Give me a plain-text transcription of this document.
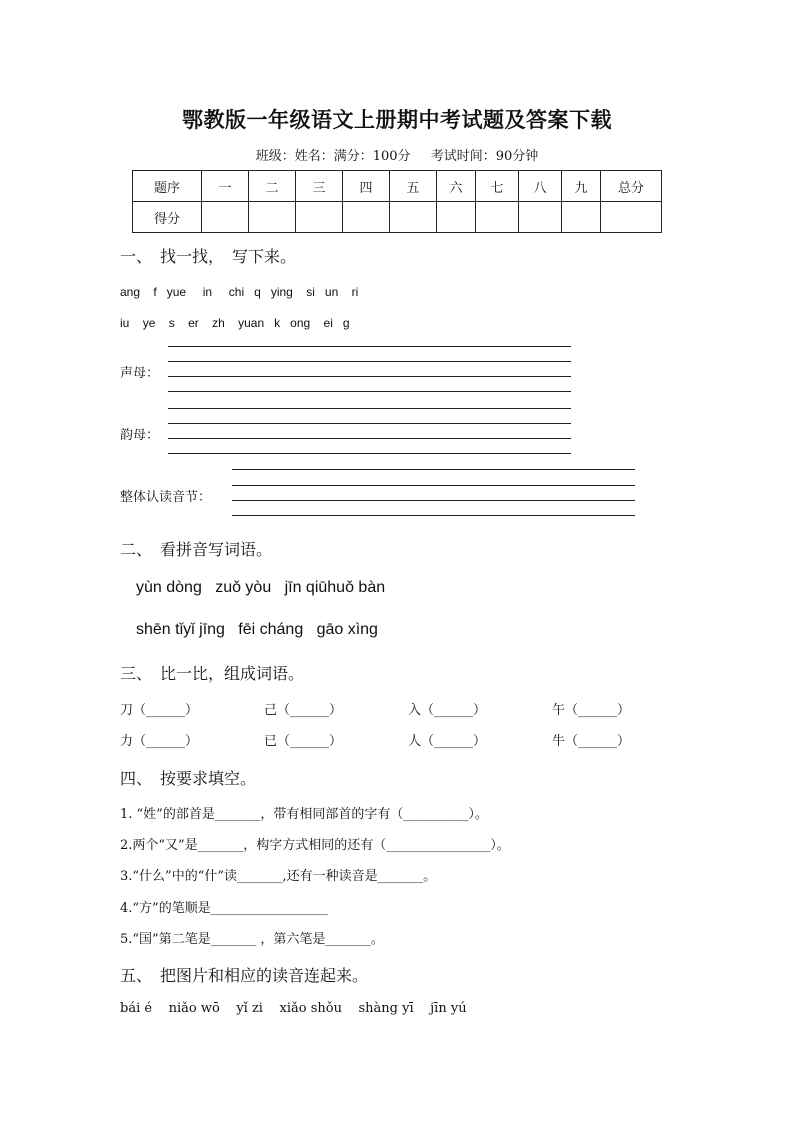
鄂教版一年级语文上册期中考试题及答案下载
班级：姓名：满分：100分 考试时间：90分钟
题序	一	二	三	四	五	六	七	八	九	总分
得分										
一、　找一找，　写下来。
ang f yue in chi q ying si un ri
iu ye s er zh yuan k ong ei g
声母：
韵母：
整体认读音节：
二、　看拼音写词语。
yùn dòng zuǒ yòu jīn qiūhuǒ bàn
shēn tǐyǐ jīng fēi cháng gāo xìng
三、　比一比，组成词语。
刀（______）	己（______）	入（______）	午（______）
力（______）	已（______）	人（______）	牛（______）
四、　按要求填空。
1. “姓”的部首是_______，带有相同部首的字有（__________）。
2.两个“又”是_______，构字方式相同的还有（________________）。
3.“什么”中的“什”读_______,还有一种读音是_______。
4.“方”的笔顺是__________________
5.“国”第二笔是_______ ，第六笔是_______。
五、　把图片和相应的读音连起来。
bái é niǎo wō yǐ zi xiǎo shǒu shàng yī jīn yú
